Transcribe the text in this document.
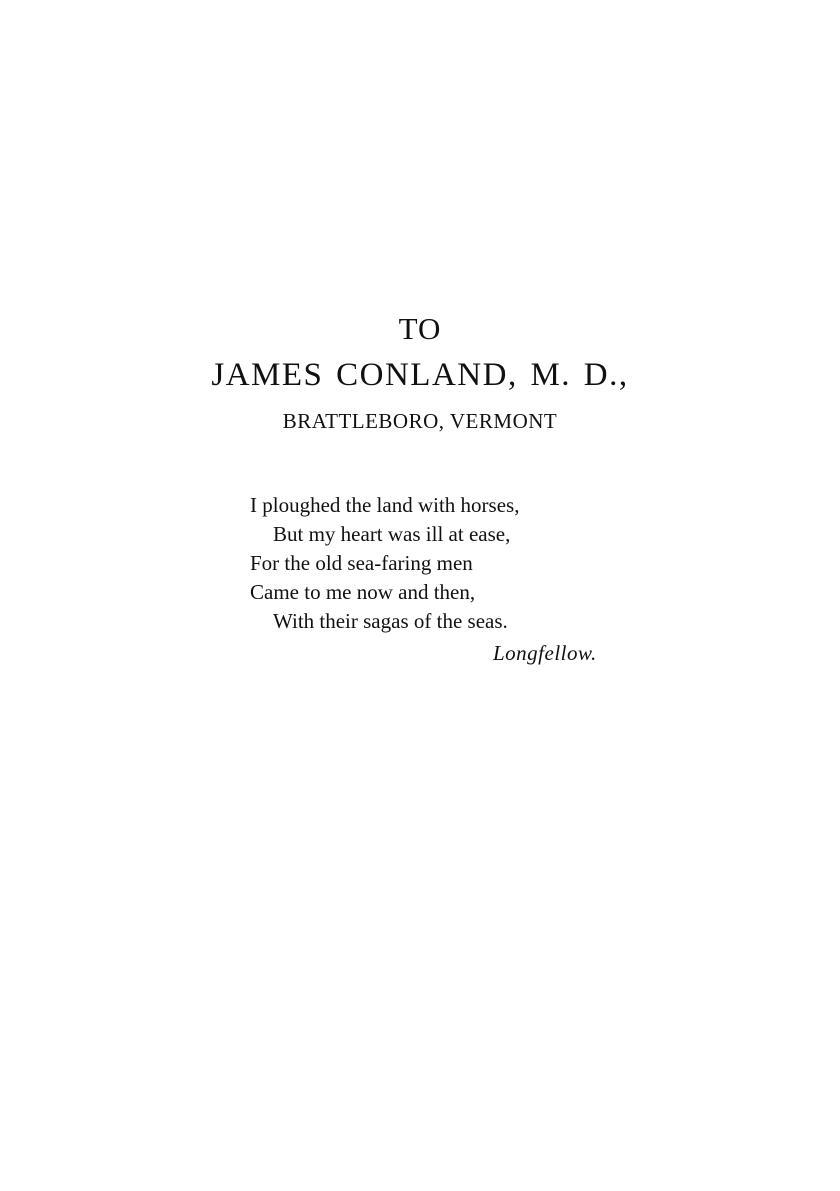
TO
JAMES CONLAND, M. D.,
BRATTLEBORO, VERMONT
I ploughed the land with horses,
But my heart was ill at ease,
For the old sea-faring men
Came to me now and then,
With their sagas of the seas.
Longfellow.
